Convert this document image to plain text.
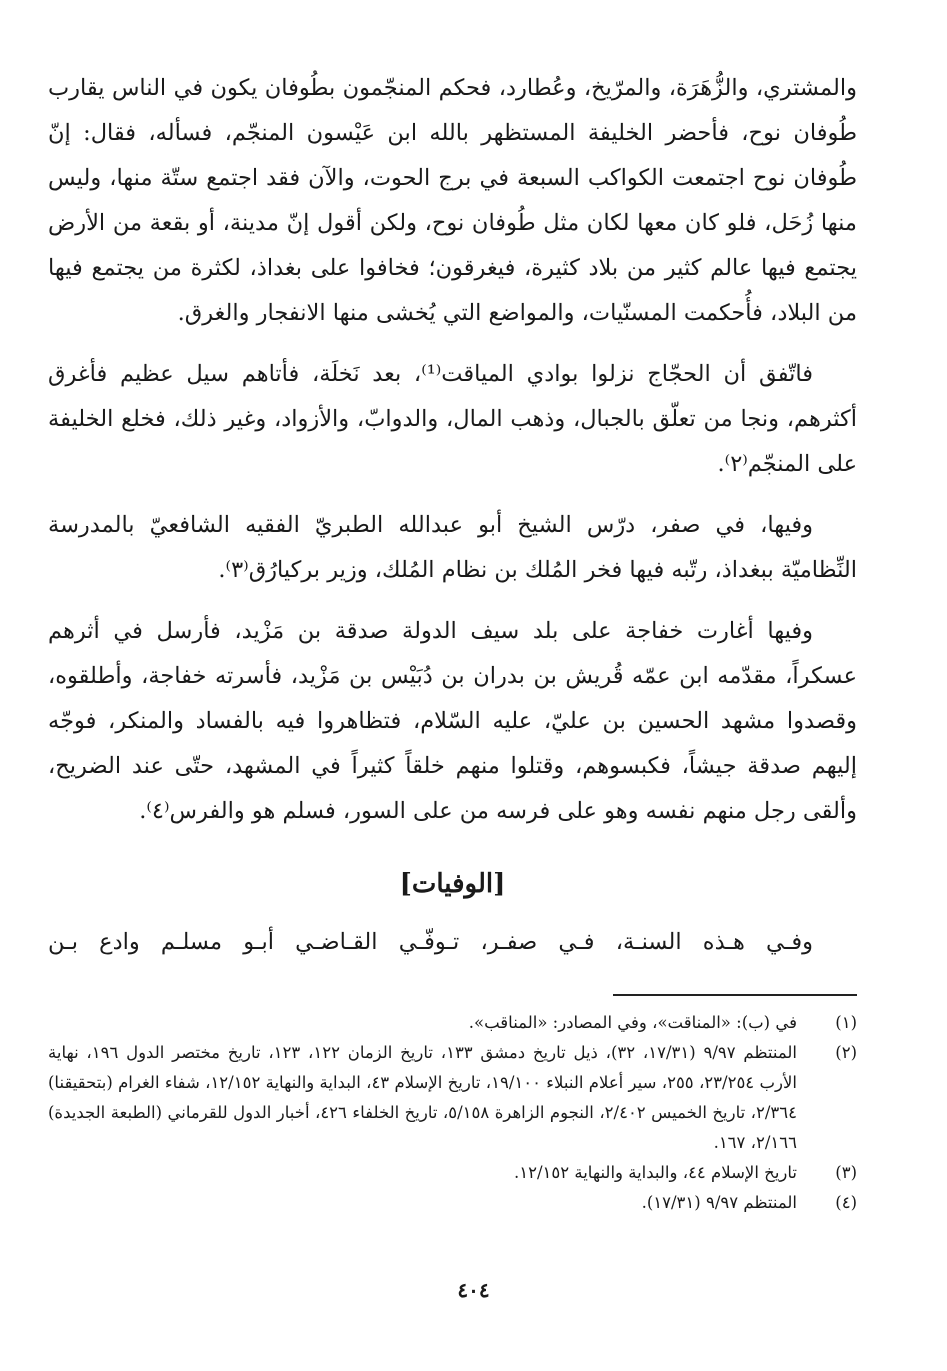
والمشتري، والزُّهَرَة، والمرّيخ، وعُطارد، فحكم المنجّمون بطُوفان يكون في الناس يقارب طُوفان نوح، فأحضر الخليفة المستظهر بالله ابن عَيْسون المنجّم، فسأله، فقال: إنّ طُوفان نوح اجتمعت الكواكب السبعة في برج الحوت، والآن فقد اجتمع ستّة منها، وليس منها زُحَل، فلو كان معها لكان مثل طُوفان نوح، ولكن أقول إنّ مدينة، أو بقعة من الأرض يجتمع فيها عالم كثير من بلاد كثيرة، فيغرقون؛ فخافوا على بغداذ، لكثرة من يجتمع فيها من البلاد، فأُحكمت المسنّيات، والمواضع التي يُخشى منها الانفجار والغرق.

فاتّفق أن الحجّاج نزلوا بوادي المياقت⁽¹⁾، بعد نَخلَة، فأتاهم سيل عظيم فأغرق أكثرهم، ونجا من تعلّق بالجبال، وذهب المال، والدوابّ، والأزواد، وغير ذلك، فخلع الخليفة على المنجّم⁽٢⁾.

وفيها، في صفر، درّس الشيخ أبو عبدالله الطبريّ الفقيه الشافعيّ بالمدرسة النِّظاميّة ببغداذ، رتّبه فيها فخر المُلك بن نظام المُلك، وزير بركيارُق⁽٣⁾.

وفيها أغارت خفاجة على بلد سيف الدولة صدقة بن مَزْيد، فأرسل في أثرهم عسكراً، مقدّمه ابن عمّه قُريش بن بدران بن دُبَيْس بن مَزْيد، فأسرته خفاجة، وأطلقوه، وقصدوا مشهد الحسين بن عليّ، عليه السّلام، فتظاهروا فيه بالفساد والمنكر، فوجّه إليهم صدقة جيشاً، فكبسوهم، وقتلوا منهم خلقاً كثيراً في المشهد، حتّى عند الضريح، وألقى رجل منهم نفسه وهو على فرسه من على السور، فسلم هو والفرس⁽٤⁾.

[الوفيات]

وفـي هـذه السنـة، فـي صفـر، تـوفّـي القـاضـي أبـو مسلـم وادع بـن

(١)
في (ب): «المناقت»، وفي المصادر: «المناقب».
(٢)
المنتظم ٩/٩٧ (١٧/٣١، ٣٢)، ذيل تاريخ دمشق ١٣٣، تاريخ الزمان ١٢٢، ١٢٣، تاريخ مختصر الدول ١٩٦، نهاية الأرب ٢٣/٢٥٤، ٢٥٥، سير أعلام النبلاء ١٩/١٠٠، تاريخ الإسلام ٤٣، البداية والنهاية ١٢/١٥٢، شفاء الغرام (بتحقيقنا) ٢/٣٦٤، تاريخ الخميس ٢/٤٠٢، النجوم الزاهرة ٥/١٥٨، تاريخ الخلفاء ٤٢٦، أخبار الدول للقرماني (الطبعة الجديدة) ٢/١٦٦، ١٦٧.
(٣)
تاريخ الإسلام ٤٤، والبداية والنهاية ١٢/١٥٢.
(٤)
المنتظم ٩/٩٧ (١٧/٣١).
٤٠٤
